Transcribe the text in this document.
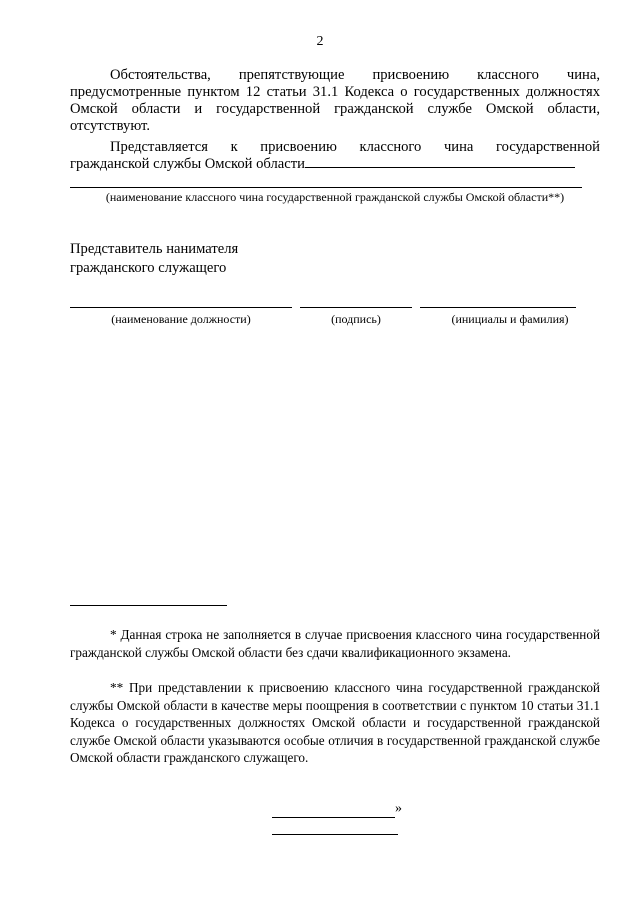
2
Обстоятельства, препятствующие присвоению классного чина, предусмотренные пунктом 12 статьи 31.1 Кодекса о государственных должностях Омской области и государственной гражданской службе Омской области, отсутствуют.
Представляется к присвоению классного чина государственной
гражданской службы Омской области
(наименование классного чина государственной гражданской службы Омской области**)
Представитель нанимателя
гражданского служащего
(наименование должности)	(подпись)	(инициалы и фамилия)
* Данная строка не заполняется в случае присвоения классного чина государственной гражданской службы Омской области без сдачи квалификационного экзамена.
** При представлении к присвоению классного чина государственной гражданской службы Омской области в качестве меры поощрения в соответствии с пунктом 10 статьи 31.1 Кодекса о государственных должностях Омской области и государственной гражданской службе Омской области указываются особые отличия в государственной гражданской службе Омской области гражданского служащего.
»
